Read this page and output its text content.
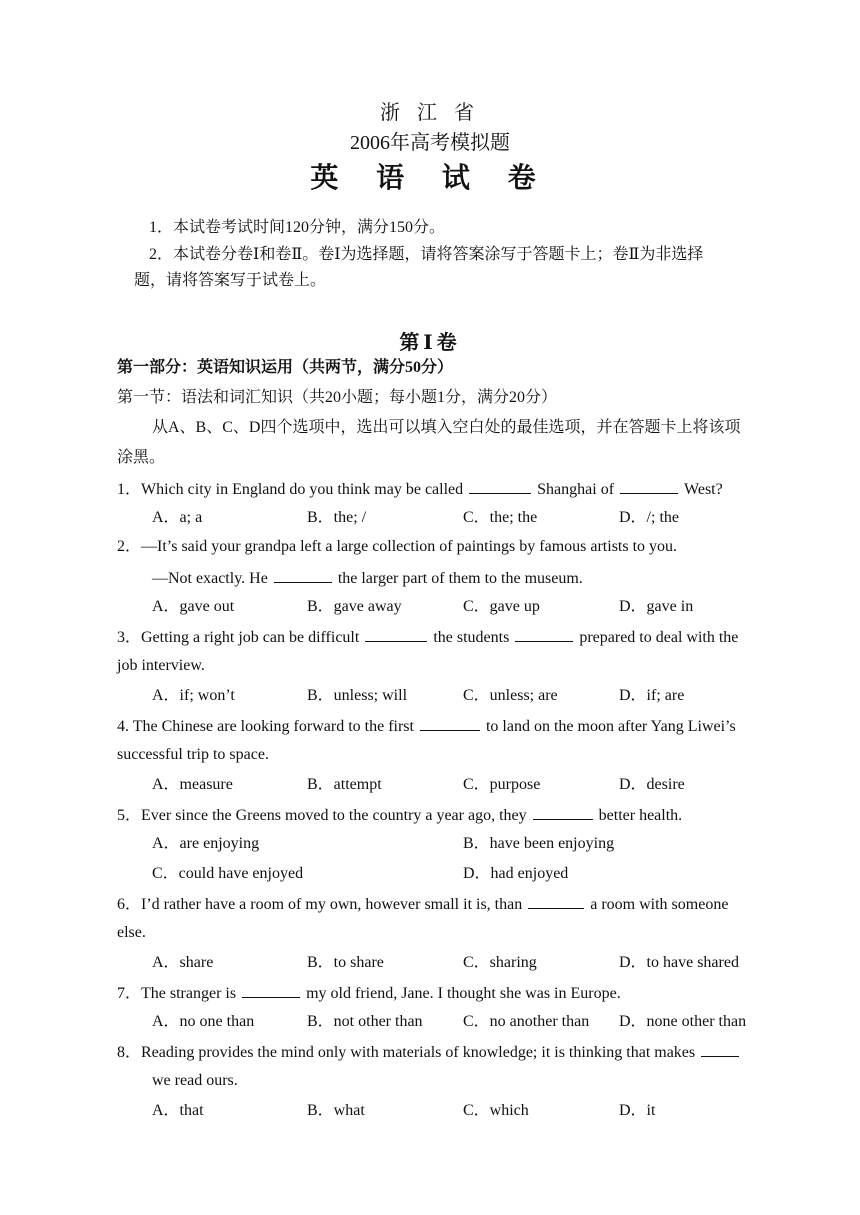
浙 江 省
2006年高考模拟题
英 语 试 卷
1．本试卷考试时间120分钟，满分150分。
2．本试卷分卷Ⅰ和卷Ⅱ。卷Ⅰ为选择题，请将答案涂写于答题卡上；卷Ⅱ为非选择
题，请将答案写于试卷上。
第Ⅰ卷
第一部分：英语知识运用（共两节，满分50分）
第一节：语法和词汇知识（共20小题；每小题1分，满分20分）
从A、B、C、D四个选项中，选出可以填入空白处的最佳选项，并在答题卡上将该项
涂黑。
1．Which city in England do you think may be called	Shanghai of	West?
A．a; a	B．the; /	C．the; the	D．/; the
2．—It’s said your grandpa left a large collection of paintings by famous artists to you.
—Not exactly. He	the larger part of them to the museum.
A．gave out	B．gave away	C．gave up	D．gave in
3．Getting a right job can be difficult	the students	prepared to deal with the
job interview.
A．if; won’t	B．unless; will	C．unless; are	D．if; are
4. The Chinese are looking forward to the first	to land on the moon after Yang Liwei’s
successful trip to space.
A．measure	B．attempt	C．purpose	D．desire
5．Ever since the Greens moved to the country a year ago, they	better health.
A．are enjoying	B．have been enjoying
C．could have enjoyed	D．had enjoyed
6．I’d rather have a room of my own, however small it is, than	a room with someone
else.
A．share	B．to share	C．sharing	D．to have shared
7．The stranger is	my old friend, Jane. I thought she was in Europe.
A．no one than	B．not other than	C．no another than D．none other than
8．Reading provides the mind only with materials of knowledge; it is thinking that makes
we read ours.
A．that	B．what	C．which	D．it
